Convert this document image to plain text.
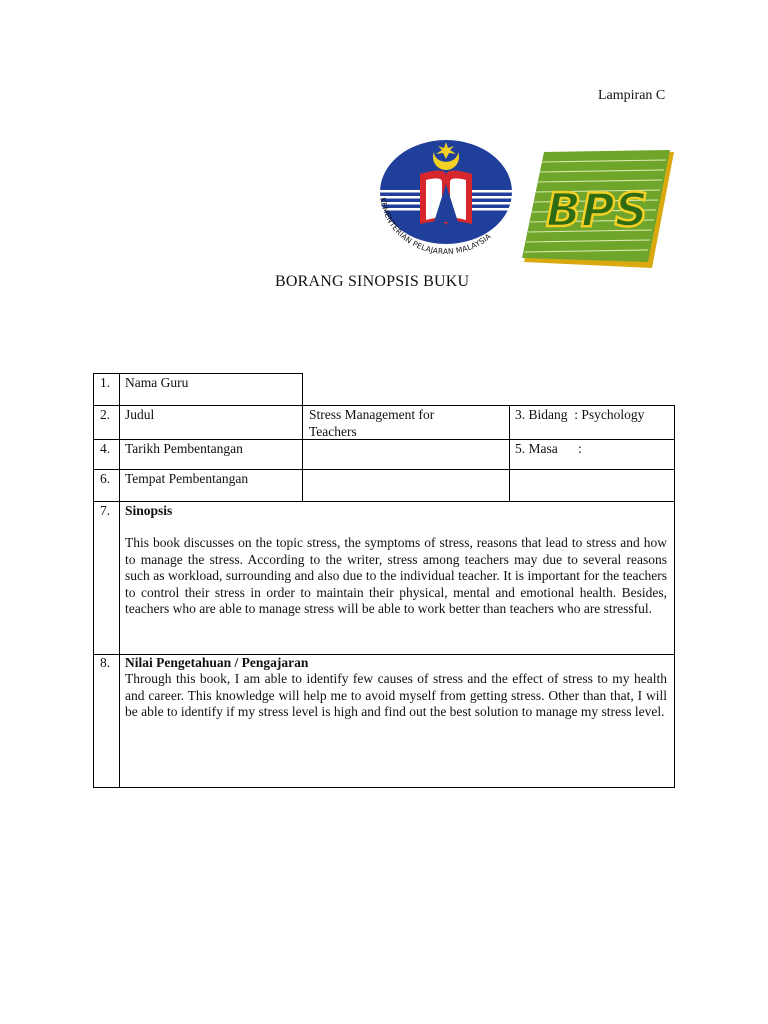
Lampiran C
KEMENTERIAN PELAJARAN MALAYSIA BPS
BORANG SINOPSIS BUKU
1. Nama Guru
2. Judul	Stress Management for Teachers
3. Bidang  : Psychology
4. Tarikh Pembentangan	5. Masa      :
6. Tempat Pembentangan
7. Sinopsis
This book discusses on the topic stress, the symptoms of stress, reasons that lead to stress and how to manage the stress. According to the writer, stress among teachers may due to several reasons such as workload, surrounding and also due to the individual teacher. It is important for the teachers to control their stress in order to maintain their physical, mental and emotional health. Besides, teachers who are able to manage stress will be able to work better than teachers who are stressful.
8. Nilai Pengetahuan / Pengajaran
Through this book, I am able to identify few causes of stress and the effect of stress to my health and career. This knowledge will help me to avoid myself from getting stress. Other than that, I will be able to identify if my stress level is high and find out the best solution to manage my stress level.
